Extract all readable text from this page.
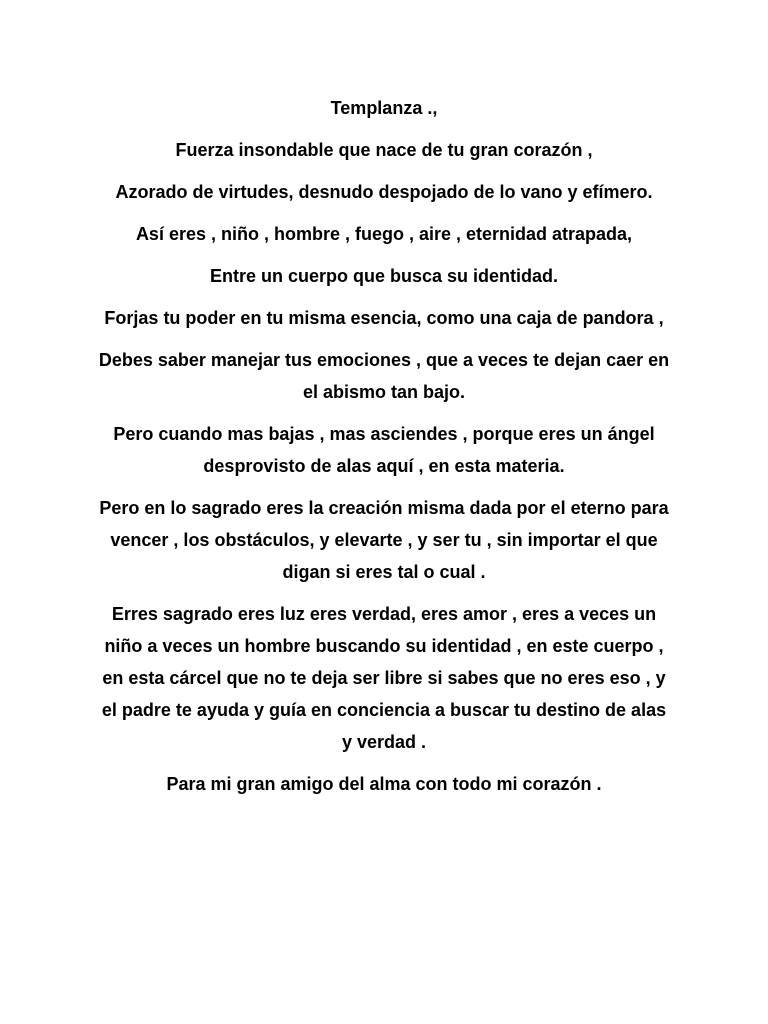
Templanza .,

Fuerza insondable que nace de tu gran corazón ,

Azorado de virtudes, desnudo despojado de lo vano y efímero.

Así eres , niño , hombre , fuego , aire , eternidad atrapada,

Entre un cuerpo que busca su identidad.

Forjas tu poder en tu misma esencia, como una caja de pandora ,

Debes saber manejar tus emociones , que a veces te dejan caer en el abismo tan bajo.

Pero cuando mas bajas , mas asciendes , porque eres un ángel desprovisto de alas aquí , en esta materia.

Pero en lo sagrado eres la creación misma dada por el eterno para vencer , los obstáculos, y elevarte , y ser tu , sin importar el que digan si eres tal o cual .

Erres sagrado eres luz eres verdad, eres amor , eres a veces un niño a veces un hombre buscando su identidad , en este cuerpo , en esta cárcel que no te deja ser libre si sabes que no eres eso , y el padre te ayuda y guía en conciencia a buscar tu destino de alas y verdad .

Para mi gran amigo del alma con todo mi corazón .
